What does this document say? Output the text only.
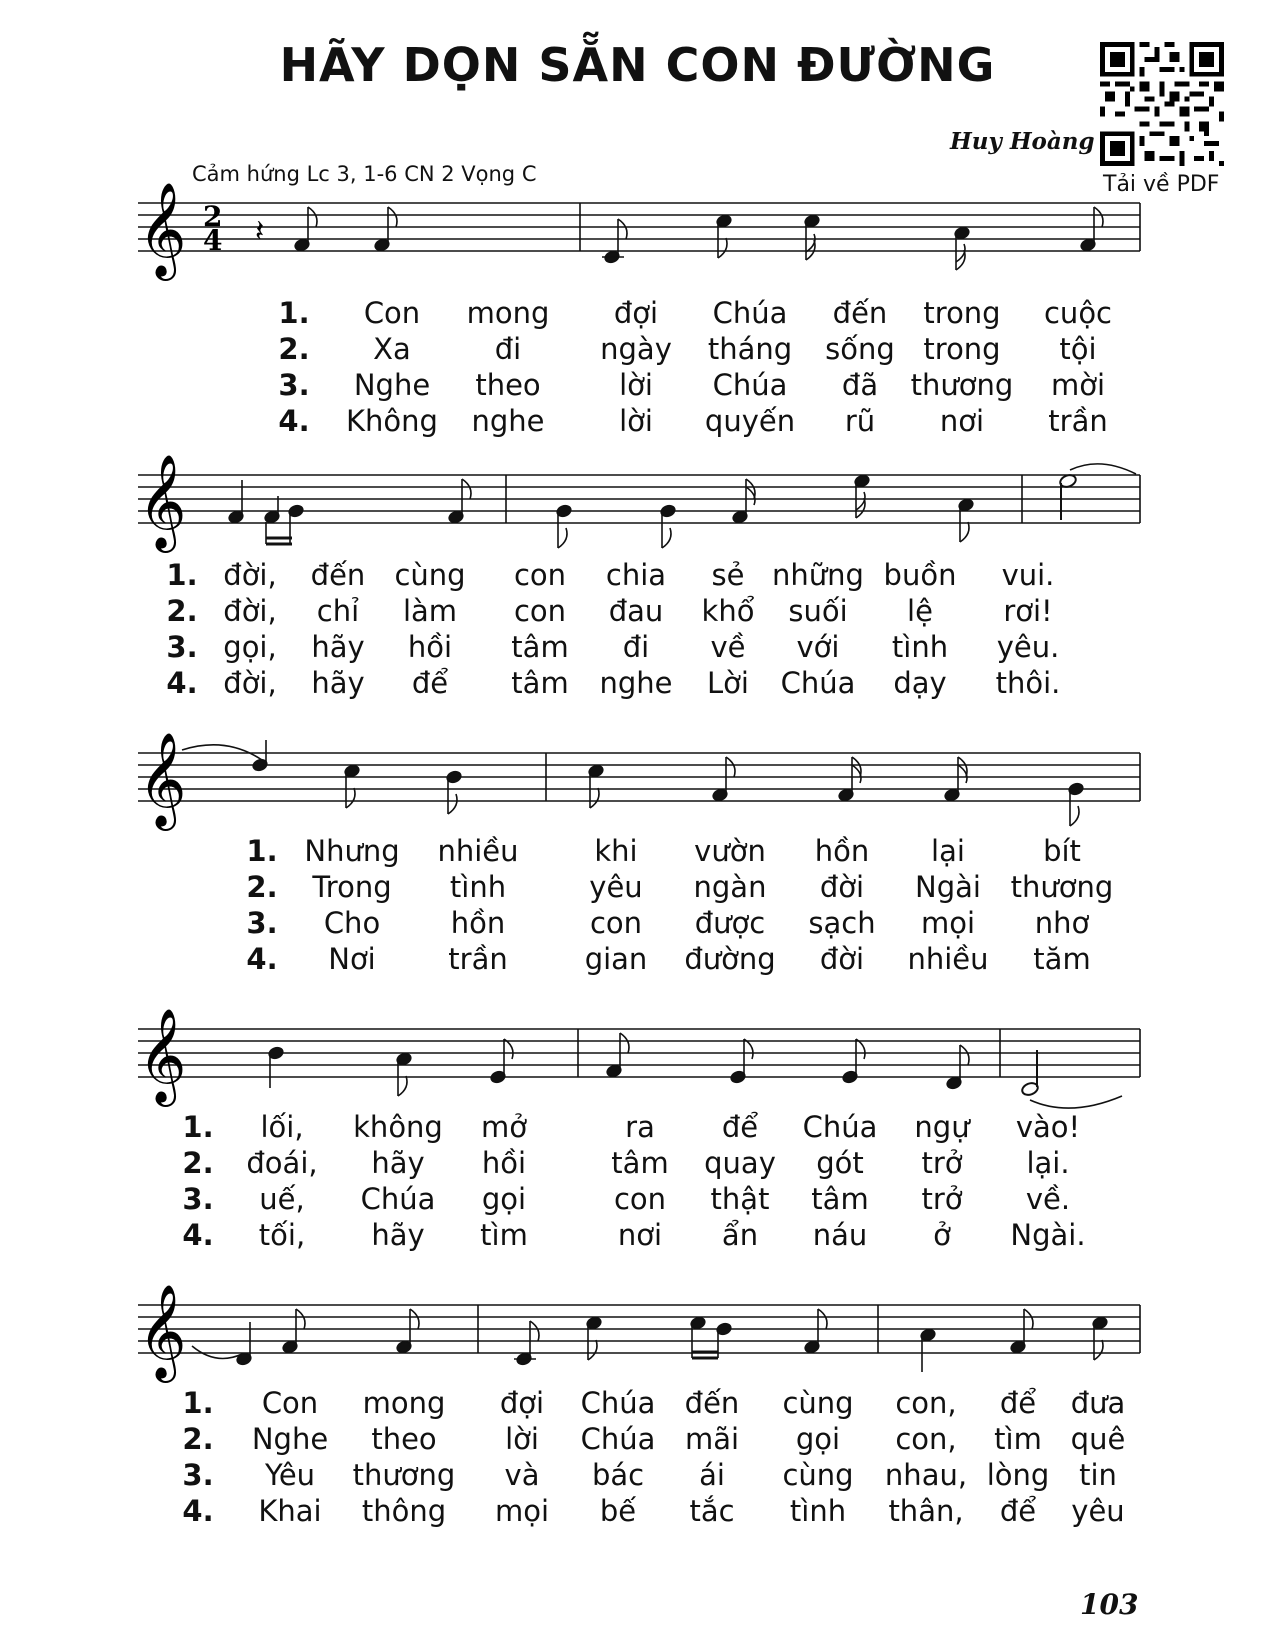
HÃY DỌN SẴN CON ĐƯỜNG
Huy Hoàng
Cảm hứng Lc 3, 1-6 CN 2 Vọng C	Tải về PDF
𝄞 2
4 𝄽
1. Con mong đợi Chúa đến trong cuộc
2. Xa	đi	ngày tháng sống trong tội
3. Nghe theo	lời Chúa đã thương mời
4. Không nghe	lời quyến rũ nơi trần
𝄞
1. đời, đến cùng con chia sẻ những buồn vui.
2. đời, chỉ làm con đau khổ suối lệ rơi!
3. gọi, hãy hồi tâm đi về với tình yêu.
4. đời, hãy để tâm nghe Lời Chúa dạy thôi.
𝄞
1. Nhưng nhiều	khi vườn hồn lại	bít
2. Trong tình	yêu ngàn đời Ngài thương
3. Cho hồn	con được sạch mọi nhơ
4. Nơi	trần	gian đường đời nhiều tăm
𝄞
1. lối, không mở	ra để Chúa ngự vào!
2. đoái, hãy hồi	tâm quay gót trở lại.
3. uế, Chúa gọi	con thật tâm trở về.
4. tối, hãy tìm	nơi ẩn náu ở Ngài.
𝄞
1. Con mong đợi Chúa đến cùng con, để đưa
2. Nghe theo lời Chúa mãi gọi con, tìm quê
3. Yêu thương và bác ái cùng nhau, lòng tin
4. Khai thông mọi bế tắc tình thân, để yêu
103
